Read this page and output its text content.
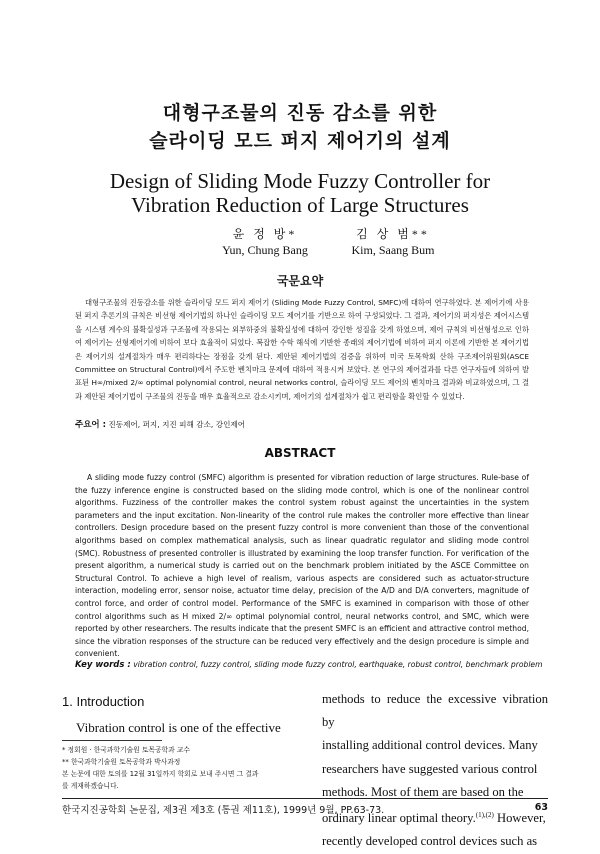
대형구조물의 진동 감소를 위한
슬라이딩 모드 퍼지 제어기의 설계
Design of Sliding Mode Fuzzy Controller for
Vibration Reduction of Large Structures
윤 정 방*
Yun, Chung Bang
김 상 범**
Kim, Saang Bum
국문요약

대형구조물의 진동감소를 위한 슬라이딩 모드 퍼지 제어기 (Sliding Mode Fuzzy Control, SMFC)에 대하여 연구하였다. 본 제어기에 사용된 퍼지 추론기의 규칙은 비선형 제어기법의 하나인 슬라이딩 모드 제어기를 기반으로 하여 구성되었다. 그 결과, 제어기의 퍼지성은 제어시스템을 시스템 계수의 불확실성과 구조물에 작용되는 외부하중의 불확실성에 대하여 강인한 성질을 갖게 하였으며, 제어 규칙의 비선형성으로 인하여 제어기는 선형제어기에 비하여 보다 효율적이 되었다. 복잡한 수학 해석에 기반한 종래의 제어기법에 비하여 퍼지 이론에 기반한 본 제어기법은 제어기의 설계절차가 매우 편리하다는 장점을 갖게 된다. 제안된 제어기법의 검증을 위하여 미국 토목학회 산하 구조제어위원회(ASCE Committee on Structural Control)에서 주도한 벤치마크 문제에 대하여 적용시켜 보았다. 본 연구의 제어결과를 다른 연구자들에 의하여 발표된 H∞/mixed 2/∞ optimal polynomial control, neural networks control, 슬라이딩 모드 제어의 벤치마크 결과와 비교하였으며, 그 결과 제안된 제어기법이 구조물의 진동을 매우 효율적으로 감소시키며, 제어기의 설계절차가 쉽고 편리함을 확인할 수 있었다.

주요어 : 진동제어, 퍼지, 지진 피해 감소, 강인제어
ABSTRACT

A sliding mode fuzzy control (SMFC) algorithm is presented for vibration reduction of large structures. Rule-base of the fuzzy inference engine is constructed based on the sliding mode control, which is one of the nonlinear control algorithms. Fuzziness of the controller makes the control system robust against the uncertainties in the system parameters and the input excitation. Non-linearity of the control rule makes the controller more effective than linear controllers. Design procedure based on the present fuzzy control is more convenient than those of the conventional algorithms based on complex mathematical analysis, such as linear quadratic regulator and sliding mode control (SMC). Robustness of presented controller is illustrated by examining the loop transfer function. For verification of the present algorithm, a numerical study is carried out on the benchmark problem initiated by the ASCE Committee on Structural Control. To achieve a high level of realism, various aspects are considered such as actuator-structure interaction, modeling error, sensor noise, actuator time delay, precision of the A/D and D/A converters, magnitude of control force, and order of control model. Performance of the SMFC is examined in comparison with those of other control algorithms such as H mixed 2/∞ optimal polynomial control, neural networks control, and SMC, which were reported by other researchers. The results indicate that the present SMFC is an efficient and attractive control method, since the vibration responses of the structure can be reduced very effectively and the design procedure is simple and convenient.

Key words : vibration control, fuzzy control, sliding mode fuzzy control, earthquake, robust control, benchmark problem
1. Introduction

Vibration control is one of the effective

* 정회원 · 한국과학기술원 토목공학과 교수
** 한국과학기술원 토목공학과 박사과정
본 논문에 대한 토의를 12월 31일까지 학회로 보내 주시면 그 결과
를 게재하겠습니다.

methods to reduce the excessive vibration by

installing additional control devices. Many

researchers have suggested various control

methods. Most of them are based on the

ordinary linear optimal theory.$^{(1),(2)}$ However,

recently developed control devices such as

한국지진공학회 논문집, 제3권 제3호 (통권 제11호), 1999년 9월, PP.63-73.	63
